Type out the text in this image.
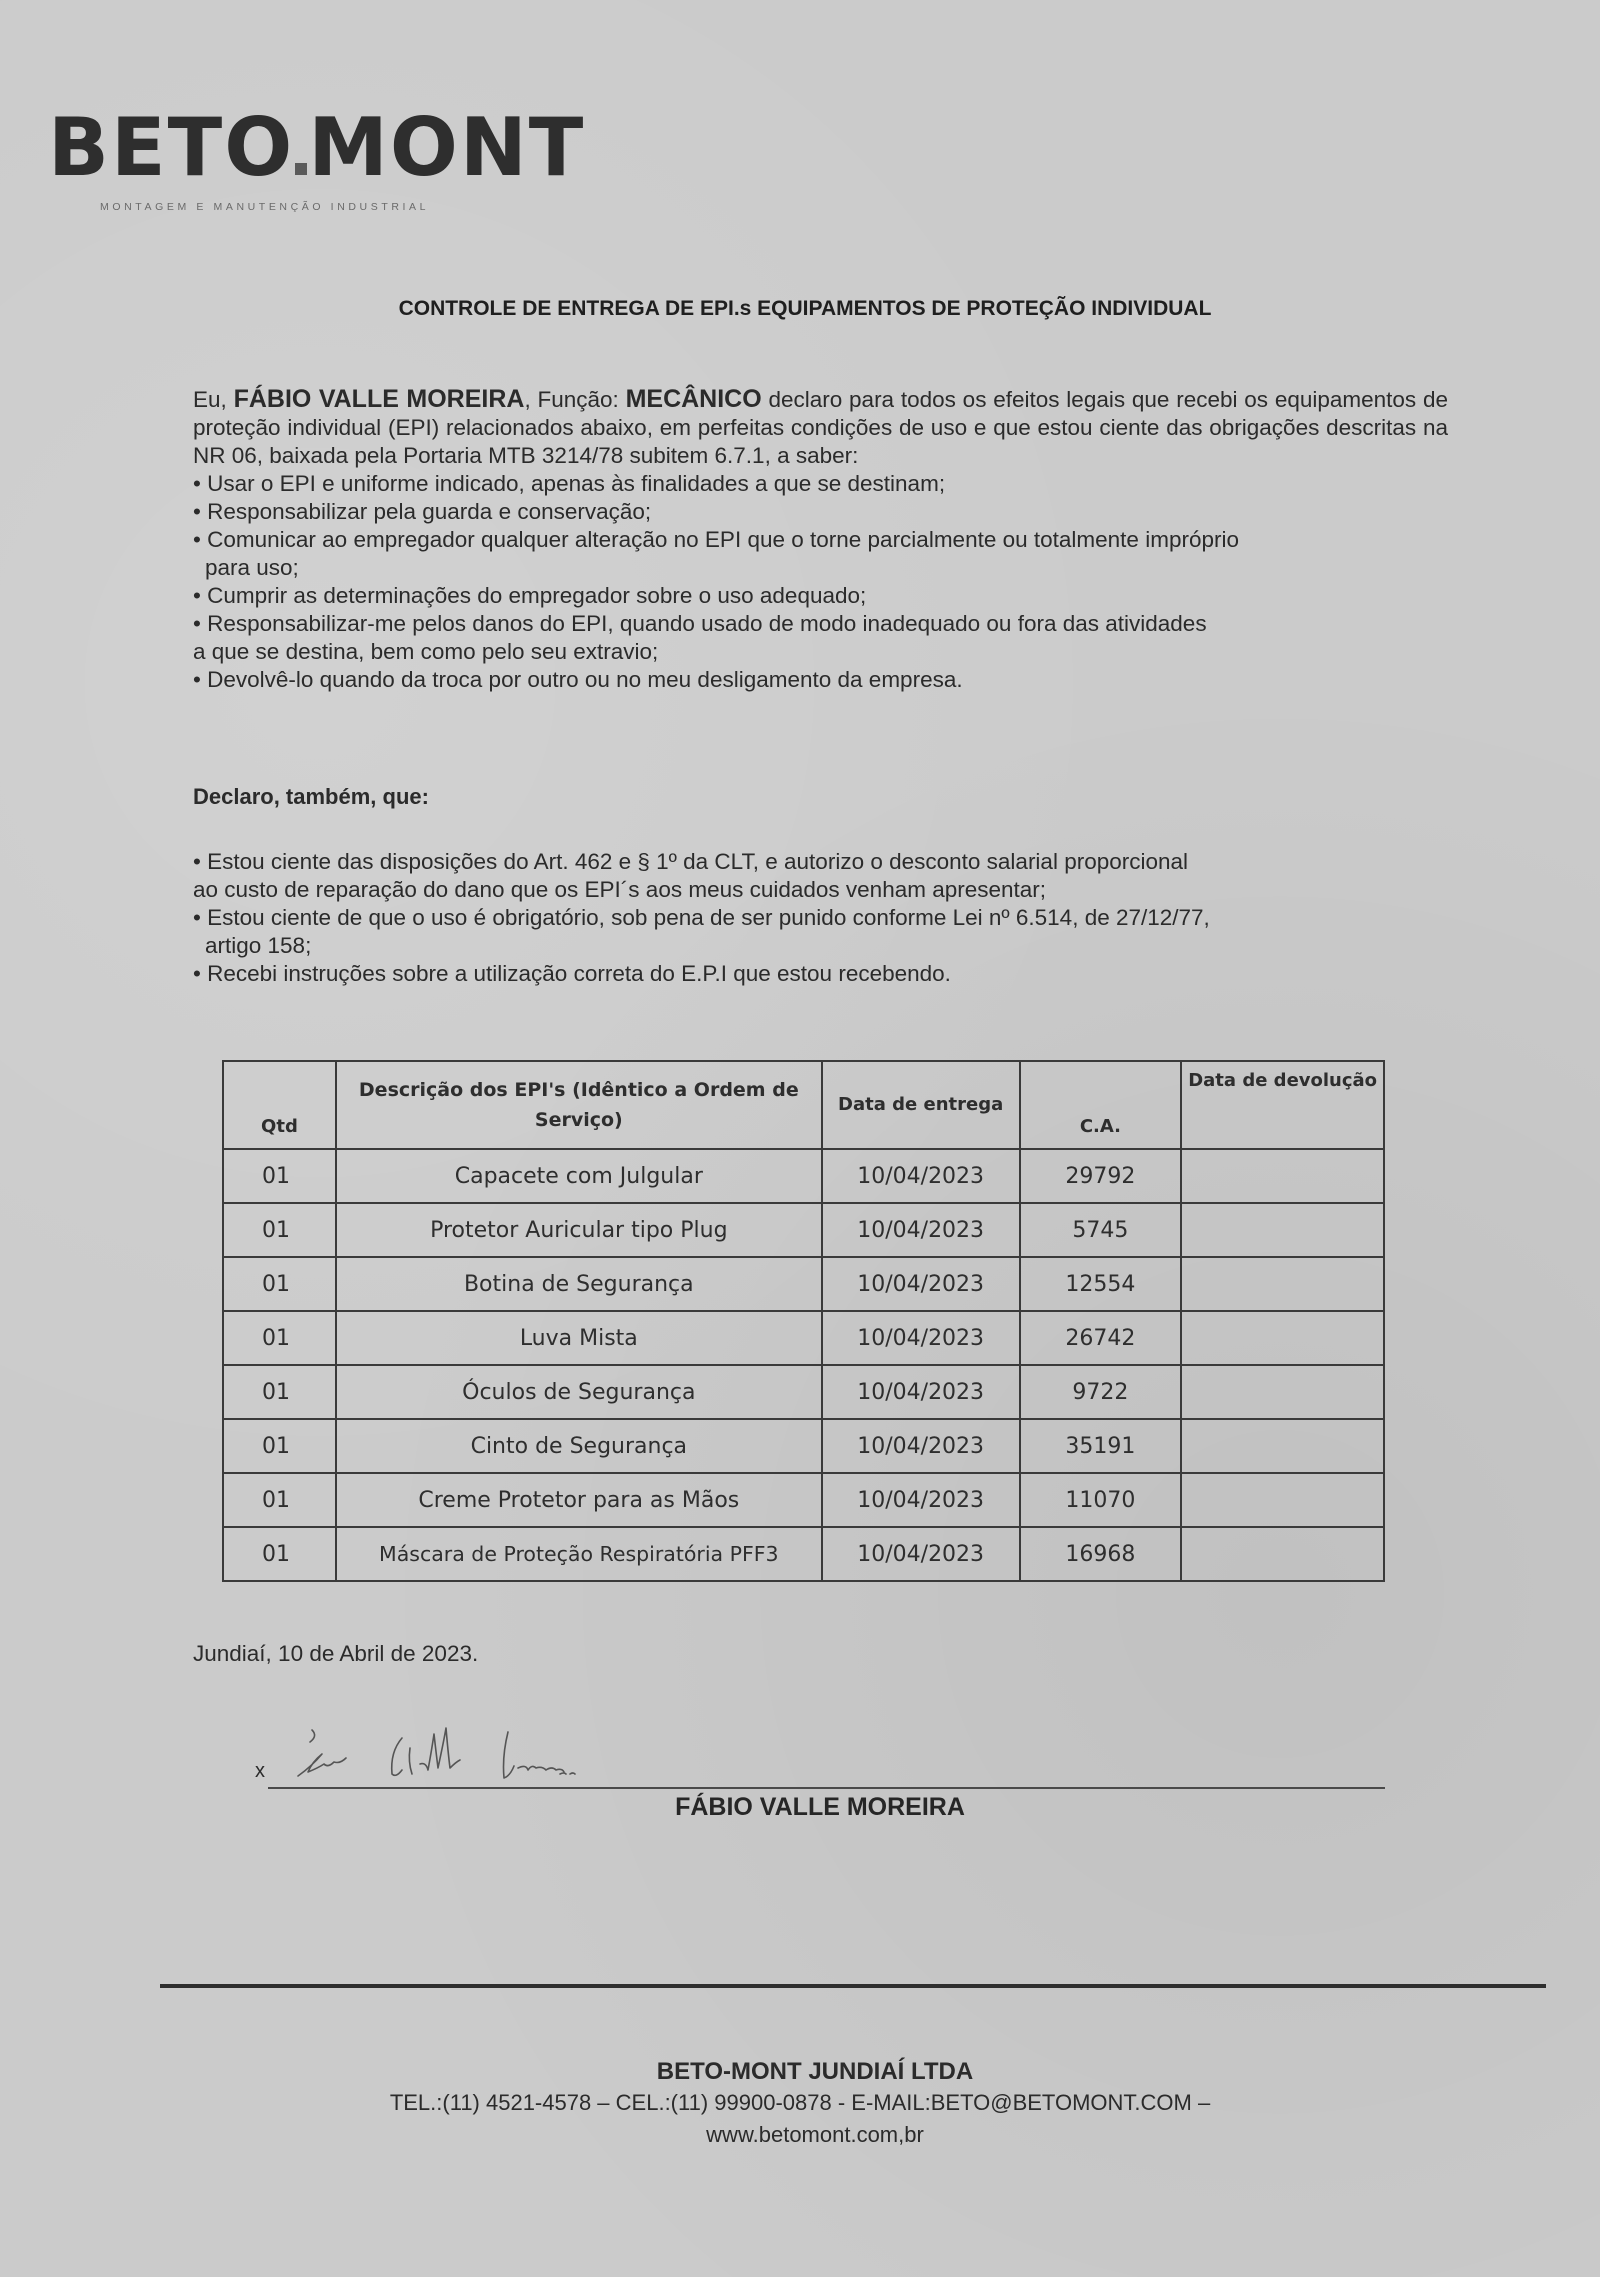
BETO MONT
MONTAGEM E MANUTENÇÃO INDUSTRIAL
CONTROLE DE ENTREGA DE EPI.s EQUIPAMENTOS DE PROTEÇÃO INDIVIDUAL

Eu, FÁBIO VALLE MOREIRA, Função: MECÂNICO declaro para todos os efeitos legais que recebi os equipamentos de proteção individual (EPI) relacionados abaixo, em perfeitas condições de uso e que estou ciente das obrigações descritas na NR 06, baixada pela Portaria MTB 3214/78 subitem 6.7.1, a saber:

• Usar o EPI e uniforme indicado, apenas às finalidades a que se destinam;
• Responsabilizar pela guarda e conservação;
• Comunicar ao empregador qualquer alteração no EPI que o torne parcialmente ou totalmente impróprio
para uso;
• Cumprir as determinações do empregador sobre o uso adequado;
• Responsabilizar-me pelos danos do EPI, quando usado de modo inadequado ou fora das atividades
a que se destina, bem como pelo seu extravio;
• Devolvê-lo quando da troca por outro ou no meu desligamento da empresa.
Declaro, também, que:

• Estou ciente das disposições do Art. 462 e § 1º da CLT, e autorizo o desconto salarial proporcional

ao custo de reparação do dano que os EPI´s aos meus cuidados venham apresentar;

• Estou ciente de que o uso é obrigatório, sob pena de ser punido conforme Lei nº 6.514, de 27/12/77,

artigo 158;

• Recebi instruções sobre a utilização correta do E.P.I que estou recebendo.

Qtd	Descrição dos EPI's (Idêntico a Ordem de Serviço)	Data de entrega	C.A.	Data de devolução
01	Capacete com Julgular	10/04/2023	29792	
01	Protetor Auricular tipo Plug	10/04/2023	5745	
01	Botina de Segurança	10/04/2023	12554	
01	Luva Mista	10/04/2023	26742	
01	Óculos de Segurança	10/04/2023	9722	
01	Cinto de Segurança	10/04/2023	35191	
01	Creme Protetor para as Mãos	10/04/2023	11070	
01	Máscara de Proteção Respiratória PFF3	10/04/2023	16968	
Jundiaí, 10 de Abril de 2023.
x
FÁBIO VALLE MOREIRA
BETO-MONT JUNDIAÍ LTDA
TEL.:(11) 4521-4578 – CEL.:(11) 99900-0878 - E-MAIL:BETO@BETOMONT.COM –
www.betomont.com,br
